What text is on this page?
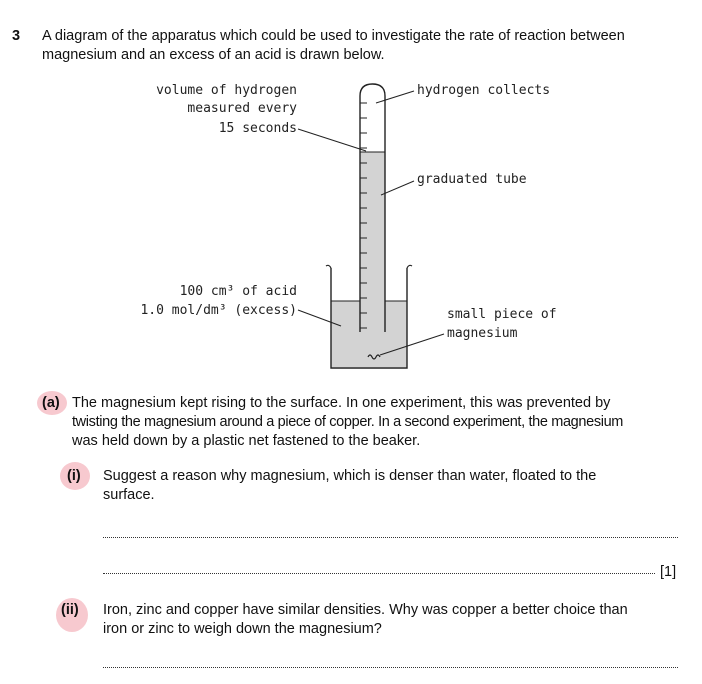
3 A diagram of the apparatus which could be used to investigate the rate of reaction between
magnesium and an excess of an acid is drawn below.
volume of hydrogen
measured every
15 seconds
hydrogen collects
graduated tube
100 cm³ of acid
1.0 mol/dm³ (excess)	small piece of
magnesium
(a) The magnesium kept rising to the surface. In one experiment, this was prevented by
twisting the magnesium around a piece of copper. In a second experiment, the magnesium
was held down by a plastic net fastened to the beaker.
(i) Suggest a reason why magnesium, which is denser than water, floated to the
surface.
[1]
(ii) Iron, zinc and copper have similar densities. Why was copper a better choice than
iron or zinc to weigh down the magnesium?
